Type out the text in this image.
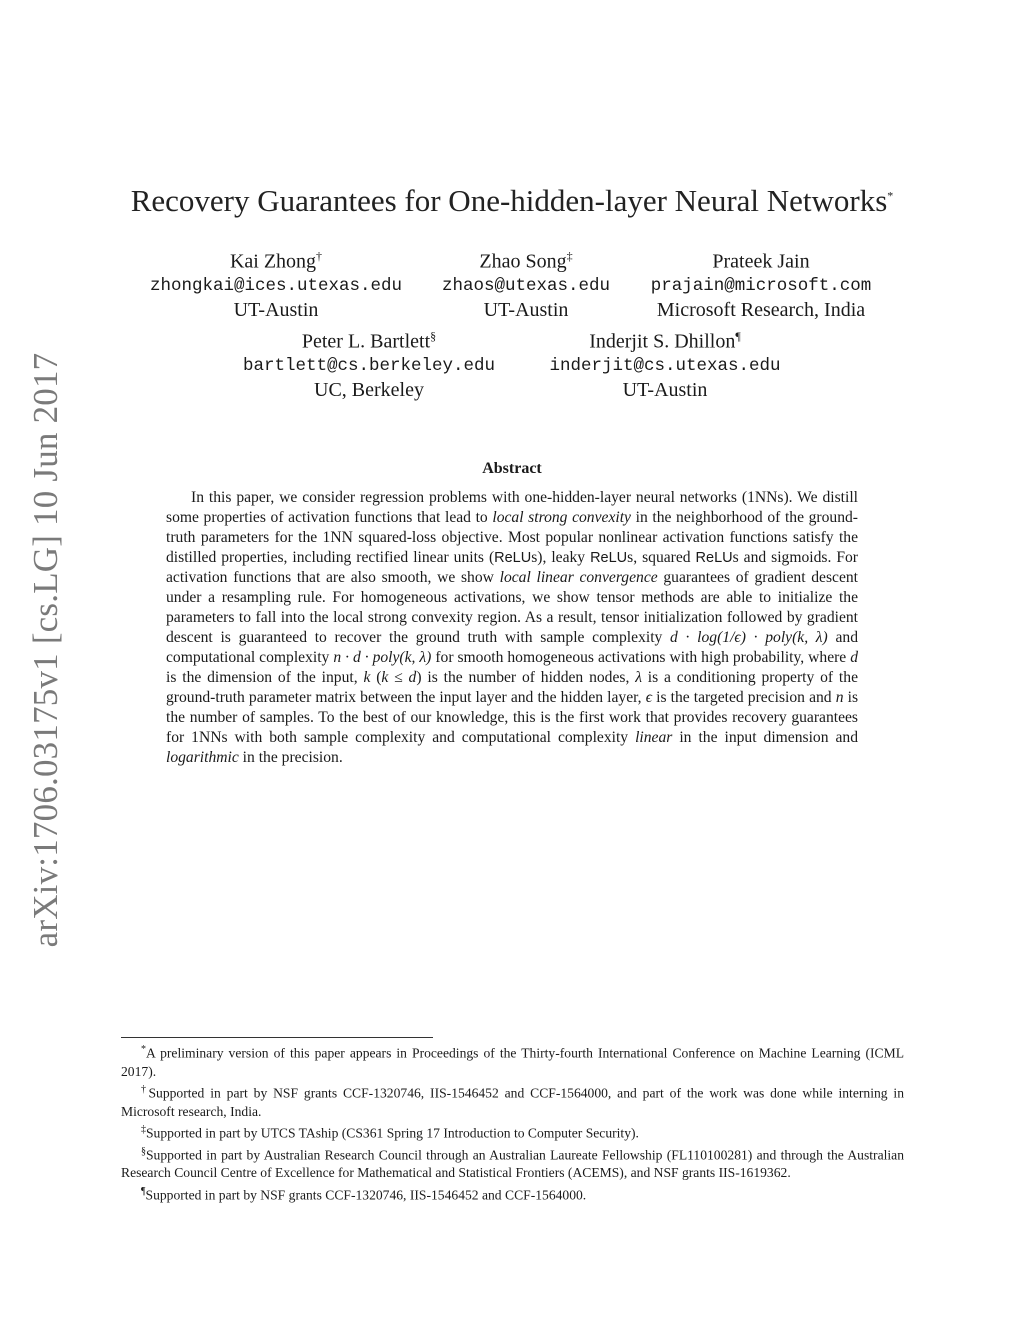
arXiv:1706.03175v1 [cs.LG] 10 Jun 2017
Recovery Guarantees for One-hidden-layer Neural Networks*
Kai Zhong†
zhongkai@ices.utexas.edu
UT-Austin
Zhao Song‡
zhaos@utexas.edu
UT-Austin
Prateek Jain
prajain@microsoft.com
Microsoft Research, India
Peter L. Bartlett§
bartlett@cs.berkeley.edu
UC, Berkeley
Inderjit S. Dhillon¶
inderjit@cs.utexas.edu
UT-Austin
Abstract
In this paper, we consider regression problems with one-hidden-layer neural networks (1NNs). We distill some properties of activation functions that lead to local strong convexity in the neighborhood of the ground-truth parameters for the 1NN squared-loss objective. Most popular nonlinear activation functions satisfy the distilled properties, including rectified linear units (ReLUs), leaky ReLUs, squared ReLUs and sigmoids. For activation functions that are also smooth, we show local linear convergence guarantees of gradient descent under a resampling rule. For homogeneous activations, we show tensor methods are able to initialize the parameters to fall into the local strong convexity region. As a result, tensor initialization followed by gradient descent is guaranteed to recover the ground truth with sample complexity d · log(1/ϵ) · poly(k, λ) and computational complexity n · d · poly(k, λ) for smooth homogeneous activations with high probability, where d is the dimension of the input, k (k ≤ d) is the number of hidden nodes, λ is a conditioning property of the ground-truth parameter matrix between the input layer and the hidden layer, ϵ is the targeted precision and n is the number of samples. To the best of our knowledge, this is the first work that provides recovery guarantees for 1NNs with both sample complexity and computational complexity linear in the input dimension and logarithmic in the precision.

*A preliminary version of this paper appears in Proceedings of the Thirty-fourth International Conference on Machine Learning (ICML 2017).

†Supported in part by NSF grants CCF-1320746, IIS-1546452 and CCF-1564000, and part of the work was done while interning in Microsoft research, India.

‡Supported in part by UTCS TAship (CS361 Spring 17 Introduction to Computer Security).

§Supported in part by Australian Research Council through an Australian Laureate Fellowship (FL110100281) and through the Australian Research Council Centre of Excellence for Mathematical and Statistical Frontiers (ACEMS), and NSF grants IIS-1619362.

¶Supported in part by NSF grants CCF-1320746, IIS-1546452 and CCF-1564000.
